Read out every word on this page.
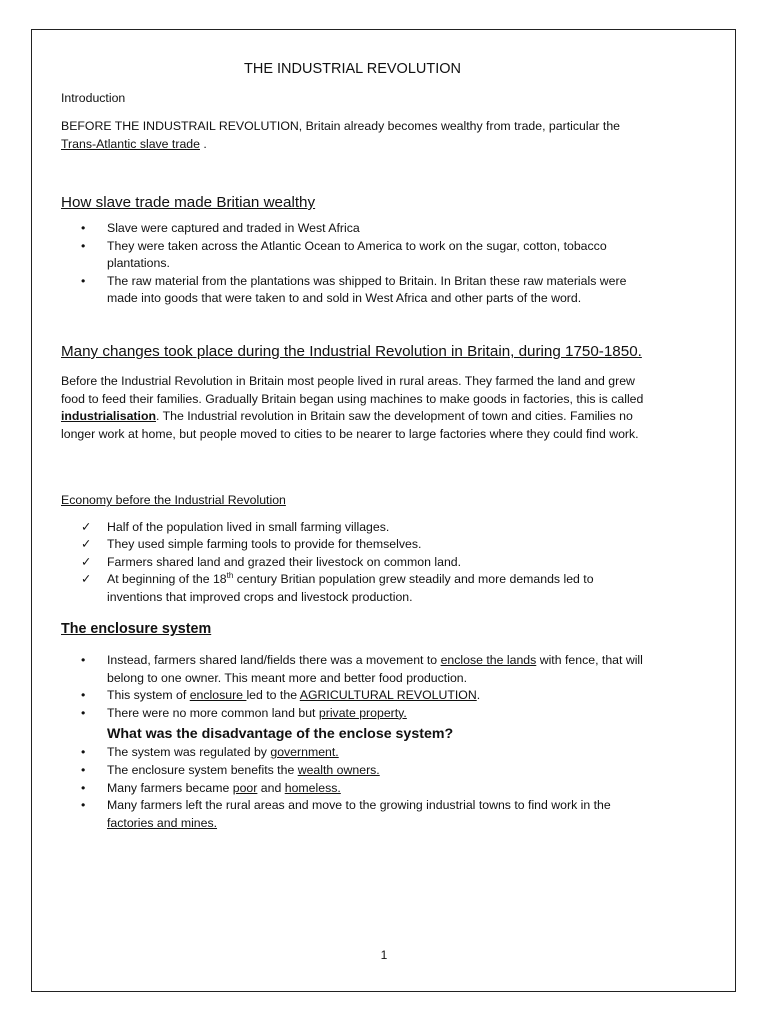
THE INDUSTRIAL REVOLUTION

Introduction

BEFORE THE INDUSTRAIL REVOLUTION, Britain already becomes wealthy from trade, particular the Trans-Atlantic slave trade .

How slave trade made Britian wealthy

• Slave were captured and traded in West Africa
• They were taken across the Atlantic Ocean to America to work on the sugar, cotton, tobacco plantations.
• The raw material from the plantations was shipped to Britain. In Britan these raw materials were made into goods that were taken to and sold in West Africa and other parts of the word.

Many changes took place during the Industrial Revolution in Britain, during 1750-1850.

Before the Industrial Revolution in Britain most people lived in rural areas. They farmed the land and grew food to feed their families. Gradually Britain began using machines to make goods in factories, this is called industrialisation. The Industrial revolution in Britain saw the development of town and cities. Families no longer work at home, but people moved to cities to be nearer to large factories where they could find work.

Economy before the Industrial Revolution

✓ Half of the population lived in small farming villages.
✓ They used simple farming tools to provide for themselves.
✓ Farmers shared land and grazed their livestock on common land.
✓ At beginning of the 18th century Britian population grew steadily and more demands led to inventions that improved crops and livestock production.

The enclosure system

• Instead, farmers shared land/fields there was a movement to enclose the lands with fence, that will belong to one owner. This meant more and better food production.
• This system of enclosure led to the AGRICULTURAL REVOLUTION.
• There were no more common land but private property.

What was the disadvantage of the enclose system?

• The system was regulated by government.
• The enclosure system benefits the wealth owners.
• Many farmers became poor and homeless.
• Many farmers left the rural areas and move to the growing industrial towns to find work in the factories and mines.

1
